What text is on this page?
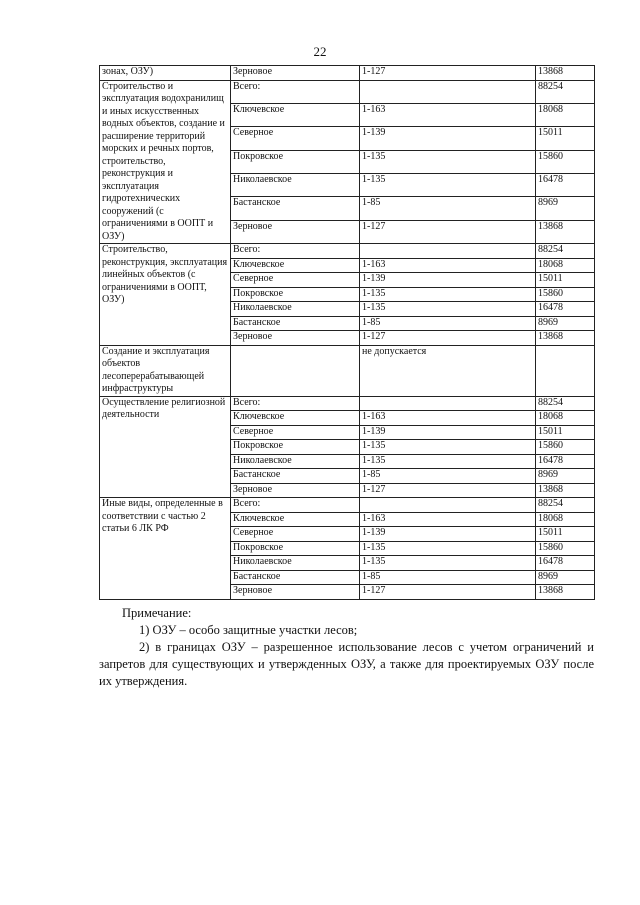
22
зонах, ОЗУ)	Зерновое	1-127	13868
Строительство и эксплуатация водохранилищ и иных искусственных водных объектов, создание и расширение территорий морских и речных портов, строительство, реконструкция и эксплуатация гидротехнических сооружений (с ограничениями в ООПТ и ОЗУ)	Всего:		88254
	Ключевское	1-163	18068
	Северное	1-139	15011
	Покровское	1-135	15860
	Николаевское	1-135	16478
	Бастанское	1-85	8969
	Зерновое	1-127	13868
Строительство, реконструкция, эксплуатация линейных объектов (с ограничениями в ООПТ, ОЗУ)	Всего:		88254
	Ключевское	1-163	18068
	Северное	1-139	15011
	Покровское	1-135	15860
	Николаевское	1-135	16478
	Бастанское	1-85	8969
	Зерновое	1-127	13868
Создание и эксплуатация объектов лесоперерабатывающей инфраструктуры		не допускается	
Осуществление религиозной деятельности	Всего:		88254
	Ключевское	1-163	18068
	Северное	1-139	15011
	Покровское	1-135	15860
	Николаевское	1-135	16478
	Бастанское	1-85	8969
	Зерновое	1-127	13868
Иные виды, определенные в соответствии с частью 2 статьи 6 ЛК РФ	Всего:		88254
	Ключевское	1-163	18068
	Северное	1-139	15011
	Покровское	1-135	15860
	Николаевское	1-135	16478
	Бастанское	1-85	8969
	Зерновое	1-127	13868
Примечание:
1) ОЗУ – особо защитные участки лесов;
2) в границах ОЗУ – разрешенное использование лесов с учетом ограничений и запретов для существующих и утвержденных ОЗУ, а также для проектируемых ОЗУ после их утверждения.
